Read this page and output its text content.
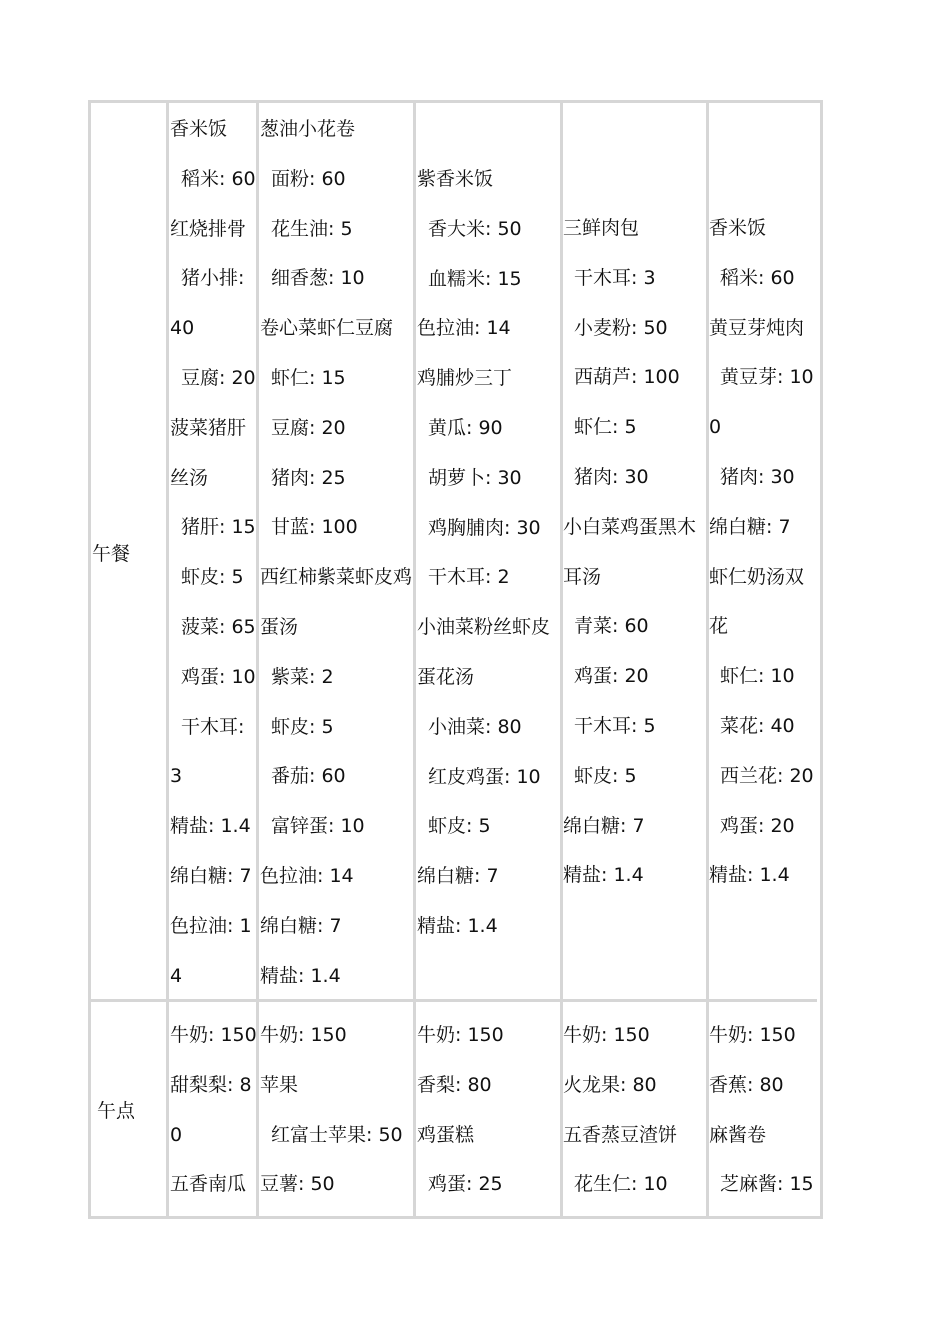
午餐
午点
香米饭
稻米: 60
红烧排骨
猪小排:
40
豆腐: 20
菠菜猪肝
丝汤
猪肝: 15
虾皮: 5
菠菜: 65
鸡蛋: 10
干木耳:
3
精盐: 1.4
绵白糖: 7
色拉油: 1
4
葱油小花卷
面粉: 60
花生油: 5
细香葱: 10
卷心菜虾仁豆腐
虾仁: 15
豆腐: 20
猪肉: 25
甘蓝: 100
西红柿紫菜虾皮鸡
蛋汤
紫菜: 2
虾皮: 5
番茄: 60
富锌蛋: 10
色拉油: 14
绵白糖: 7
精盐: 1.4
紫香米饭
香大米: 50
血糯米: 15
色拉油: 14
鸡脯炒三丁
黄瓜: 90
胡萝卜: 30
鸡胸脯肉: 30
干木耳: 2
小油菜粉丝虾皮
蛋花汤
小油菜: 80
红皮鸡蛋: 10
虾皮: 5
绵白糖: 7
精盐: 1.4
三鲜肉包
干木耳: 3
小麦粉: 50
西葫芦: 100
虾仁: 5
猪肉: 30
小白菜鸡蛋黑木
耳汤
青菜: 60
鸡蛋: 20
干木耳: 5
虾皮: 5
绵白糖: 7
精盐: 1.4
香米饭
稻米: 60
黄豆芽炖肉
黄豆芽: 10
0
猪肉: 30
绵白糖: 7
虾仁奶汤双
花
虾仁: 10
菜花: 40
西兰花: 20
鸡蛋: 20
精盐: 1.4
牛奶: 150
甜梨梨: 8
0
五香南瓜
牛奶: 150
苹果
红富士苹果: 50
豆薯: 50
牛奶: 150
香梨: 80
鸡蛋糕
鸡蛋: 25
牛奶: 150
火龙果: 80
五香蒸豆渣饼
花生仁: 10
牛奶: 150
香蕉: 80
麻酱卷
芝麻酱: 15
